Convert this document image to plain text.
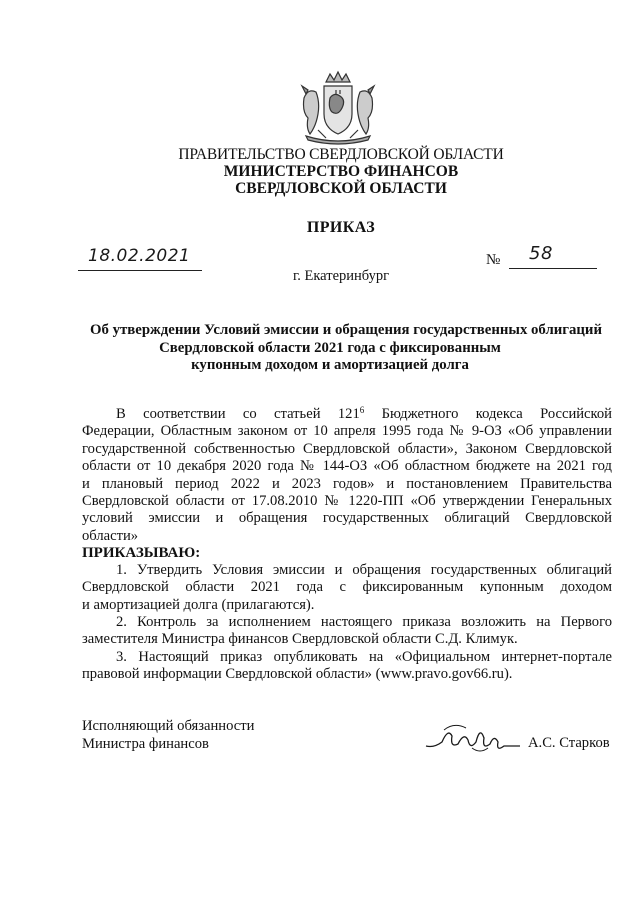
ПРАВИТЕЛЬСТВО СВЕРДЛОВСКОЙ ОБЛАСТИ

МИНИСТЕРСТВО ФИНАНСОВ

СВЕРДЛОВСКОЙ ОБЛАСТИ

ПРИКАЗ

18.02.2021	№ 58

г. Екатеринбург

Об утверждении Условий эмиссии и обращения государственных облигаций
Свердловской области 2021 года с фиксированным
купонным доходом и амортизацией долга
В соответствии со статьей $121^6$ Бюджетного кодекса Российской
Федерации, Областным законом от 10 апреля 1995 года № 9-ОЗ «Об управлении
государственной собственностью Свердловской области», Законом Свердловской
области от 10 декабря 2020 года № 144-ОЗ «Об областном бюджете на 2021 год
и плановый период 2022 и 2023 годов» и постановлением Правительства
Свердловской области от 17.08.2010 № 1220-ПП «Об утверждении Генеральных
условий эмиссии и обращения государственных облигаций Свердловской
области»

ПРИКАЗЫВАЮ:

1. Утвердить Условия эмиссии и обращения государственных облигаций
Свердловской области 2021 года с фиксированным купонным доходом
и амортизацией долга (прилагаются).
2. Контроль за исполнением настоящего приказа возложить на Первого
заместителя Министра финансов Свердловской области С.Д. Климук.
3. Настоящий приказ опубликовать на «Официальном интернет-портале
правовой информации Свердловской области» (www.pravo.gov66.ru).
Исполняющий обязанности
Министра финансов	А.С. Старков
